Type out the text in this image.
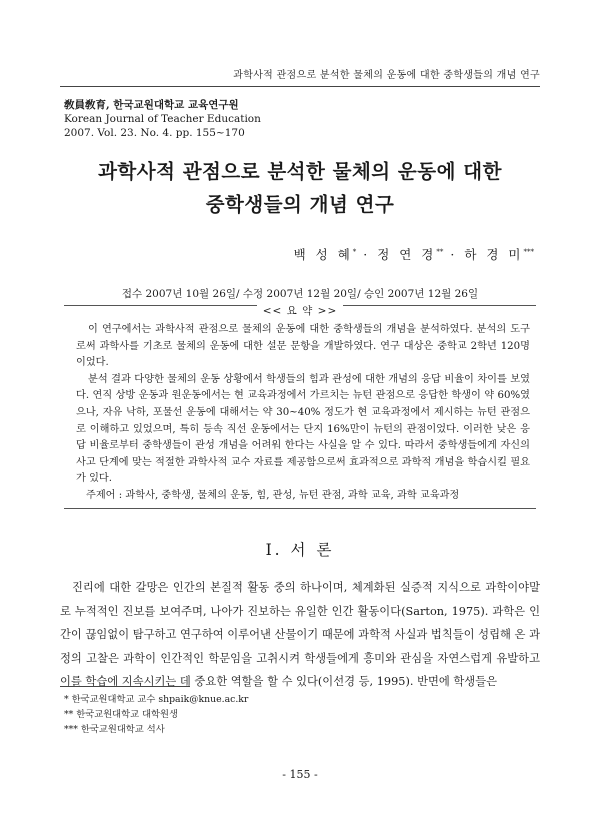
과학사적 관점으로 분석한 물체의 운동에 대한 중학생들의 개념 연구
敎員敎育, 한국교원대학교 교육연구원
Korean Journal of Teacher Education
2007. Vol. 23. No. 4. pp. 155~170
과학사적 관점으로 분석한 물체의 운동에 대한
중학생들의 개념 연구
백 성 혜* · 정 연 경** · 하 경 미***
접수 2007년 10월 26일/ 수정 2007년 12월 20일/ 승인 2007년 12월 26일
$^{<< 요 약 >>}$

이 연구에서는 과학사적 관점으로 물체의 운동에 대한 중학생들의 개념을 분석하였다. 분석의 도구로써 과학사를 기초로 물체의 운동에 대한 설문 문항을 개발하였다. 연구 대상은 중학교 2학년 120명이었다.

분석 결과 다양한 물체의 운동 상황에서 학생들의 힘과 관성에 대한 개념의 응답 비율이 차이를 보였다. 연직 상방 운동과 원운동에서는 현 교육과정에서 가르치는 뉴턴 관점으로 응답한 학생이 약 60%였으나, 자유 낙하, 포물선 운동에 대해서는 약 30~40% 정도가 현 교육과정에서 제시하는 뉴턴 관점으로 이해하고 있었으며, 특히 등속 직선 운동에서는 단지 16%만이 뉴턴의 관점이었다. 이러한 낮은 응답 비율로부터 중학생들이 관성 개념을 어려워 한다는 사실을 알 수 있다. 따라서 중학생들에게 자신의 사고 단계에 맞는 적절한 과학사적 교수 자료를 제공함으로써 효과적으로 과학적 개념을 학습시킬 필요가 있다.

주제어 : 과학사, 중학생, 물체의 운동, 힘, 관성, 뉴턴 관점, 과학 교육, 과학 교육과정
Ⅰ. 서 론

진리에 대한 갈망은 인간의 본질적 활동 중의 하나이며, 체계화된 실증적 지식으로 과학이야말로 누적적인 진보를 보여주며, 나아가 진보하는 유일한 인간 활동이다(Sarton, 1975). 과학은 인간이 끊임없이 탐구하고 연구하여 이루어낸 산물이기 때문에 과학적 사실과 법칙들이 성립해 온 과정의 고찰은 과학이 인간적인 학문임을 고취시켜 학생들에게 흥미와 관심을 자연스럽게 유발하고 이를 학습에 지속시키는 데 중요한 역할을 할 수 있다(이선경 등, 1995). 반면에 학생들은

* 한국교원대학교 교수 shpaik@knue.ac.kr
** 한국교원대학교 대학원생
*** 한국교원대학교 석사
- 155 -
